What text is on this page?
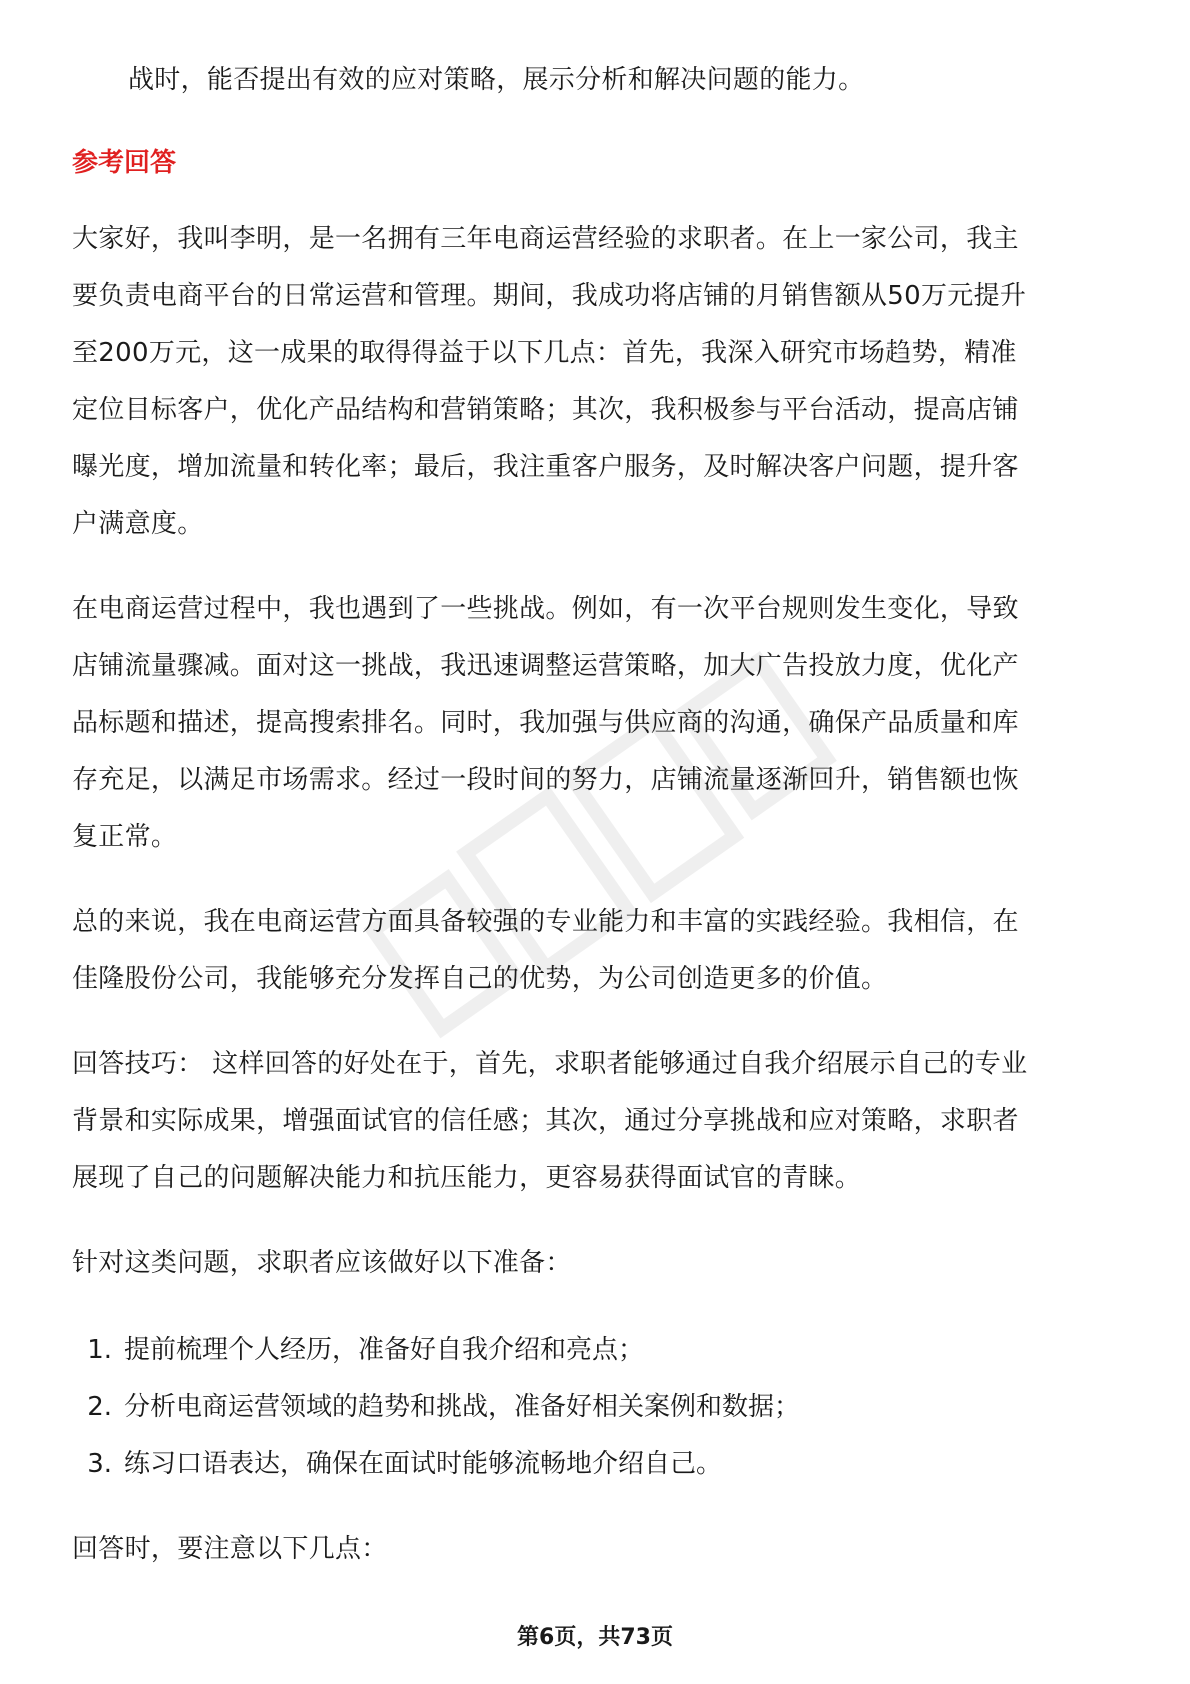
战时，能否提出有效的应对策略，展示分析和解决问题的能力。

参考回答

大家好，我叫李明，是一名拥有三年电商运营经验的求职者。在上一家公司，我主

要负责电商平台的日常运营和管理。期间，我成功将店铺的月销售额从50万元提升

至200万元，这一成果的取得得益于以下几点：首先，我深入研究市场趋势，精准

定位目标客户，优化产品结构和营销策略；其次，我积极参与平台活动，提高店铺

曝光度，增加流量和转化率；最后，我注重客户服务，及时解决客户问题，提升客

户满意度。

在电商运营过程中，我也遇到了一些挑战。例如，有一次平台规则发生变化，导致

店铺流量骤减。面对这一挑战，我迅速调整运营策略，加大广告投放力度，优化产

品标题和描述，提高搜索排名。同时，我加强与供应商的沟通，确保产品质量和库

存充足，以满足市场需求。经过一段时间的努力，店铺流量逐渐回升，销售额也恢

复正常。

总的来说，我在电商运营方面具备较强的专业能力和丰富的实践经验。我相信，在

佳隆股份公司，我能够充分发挥自己的优势，为公司创造更多的价值。

回答技巧： 这样回答的好处在于，首先，求职者能够通过自我介绍展示自己的专业

背景和实际成果，增强面试官的信任感；其次，通过分享挑战和应对策略，求职者

展现了自己的问题解决能力和抗压能力，更容易获得面试官的青睐。

针对这类问题，求职者应该做好以下准备：

1. 提前梳理个人经历，准备好自我介绍和亮点；
2. 分析电商运营领域的趋势和挑战，准备好相关案例和数据；
3. 练习口语表达，确保在面试时能够流畅地介绍自己。

回答时，要注意以下几点：

第6页，共73页
